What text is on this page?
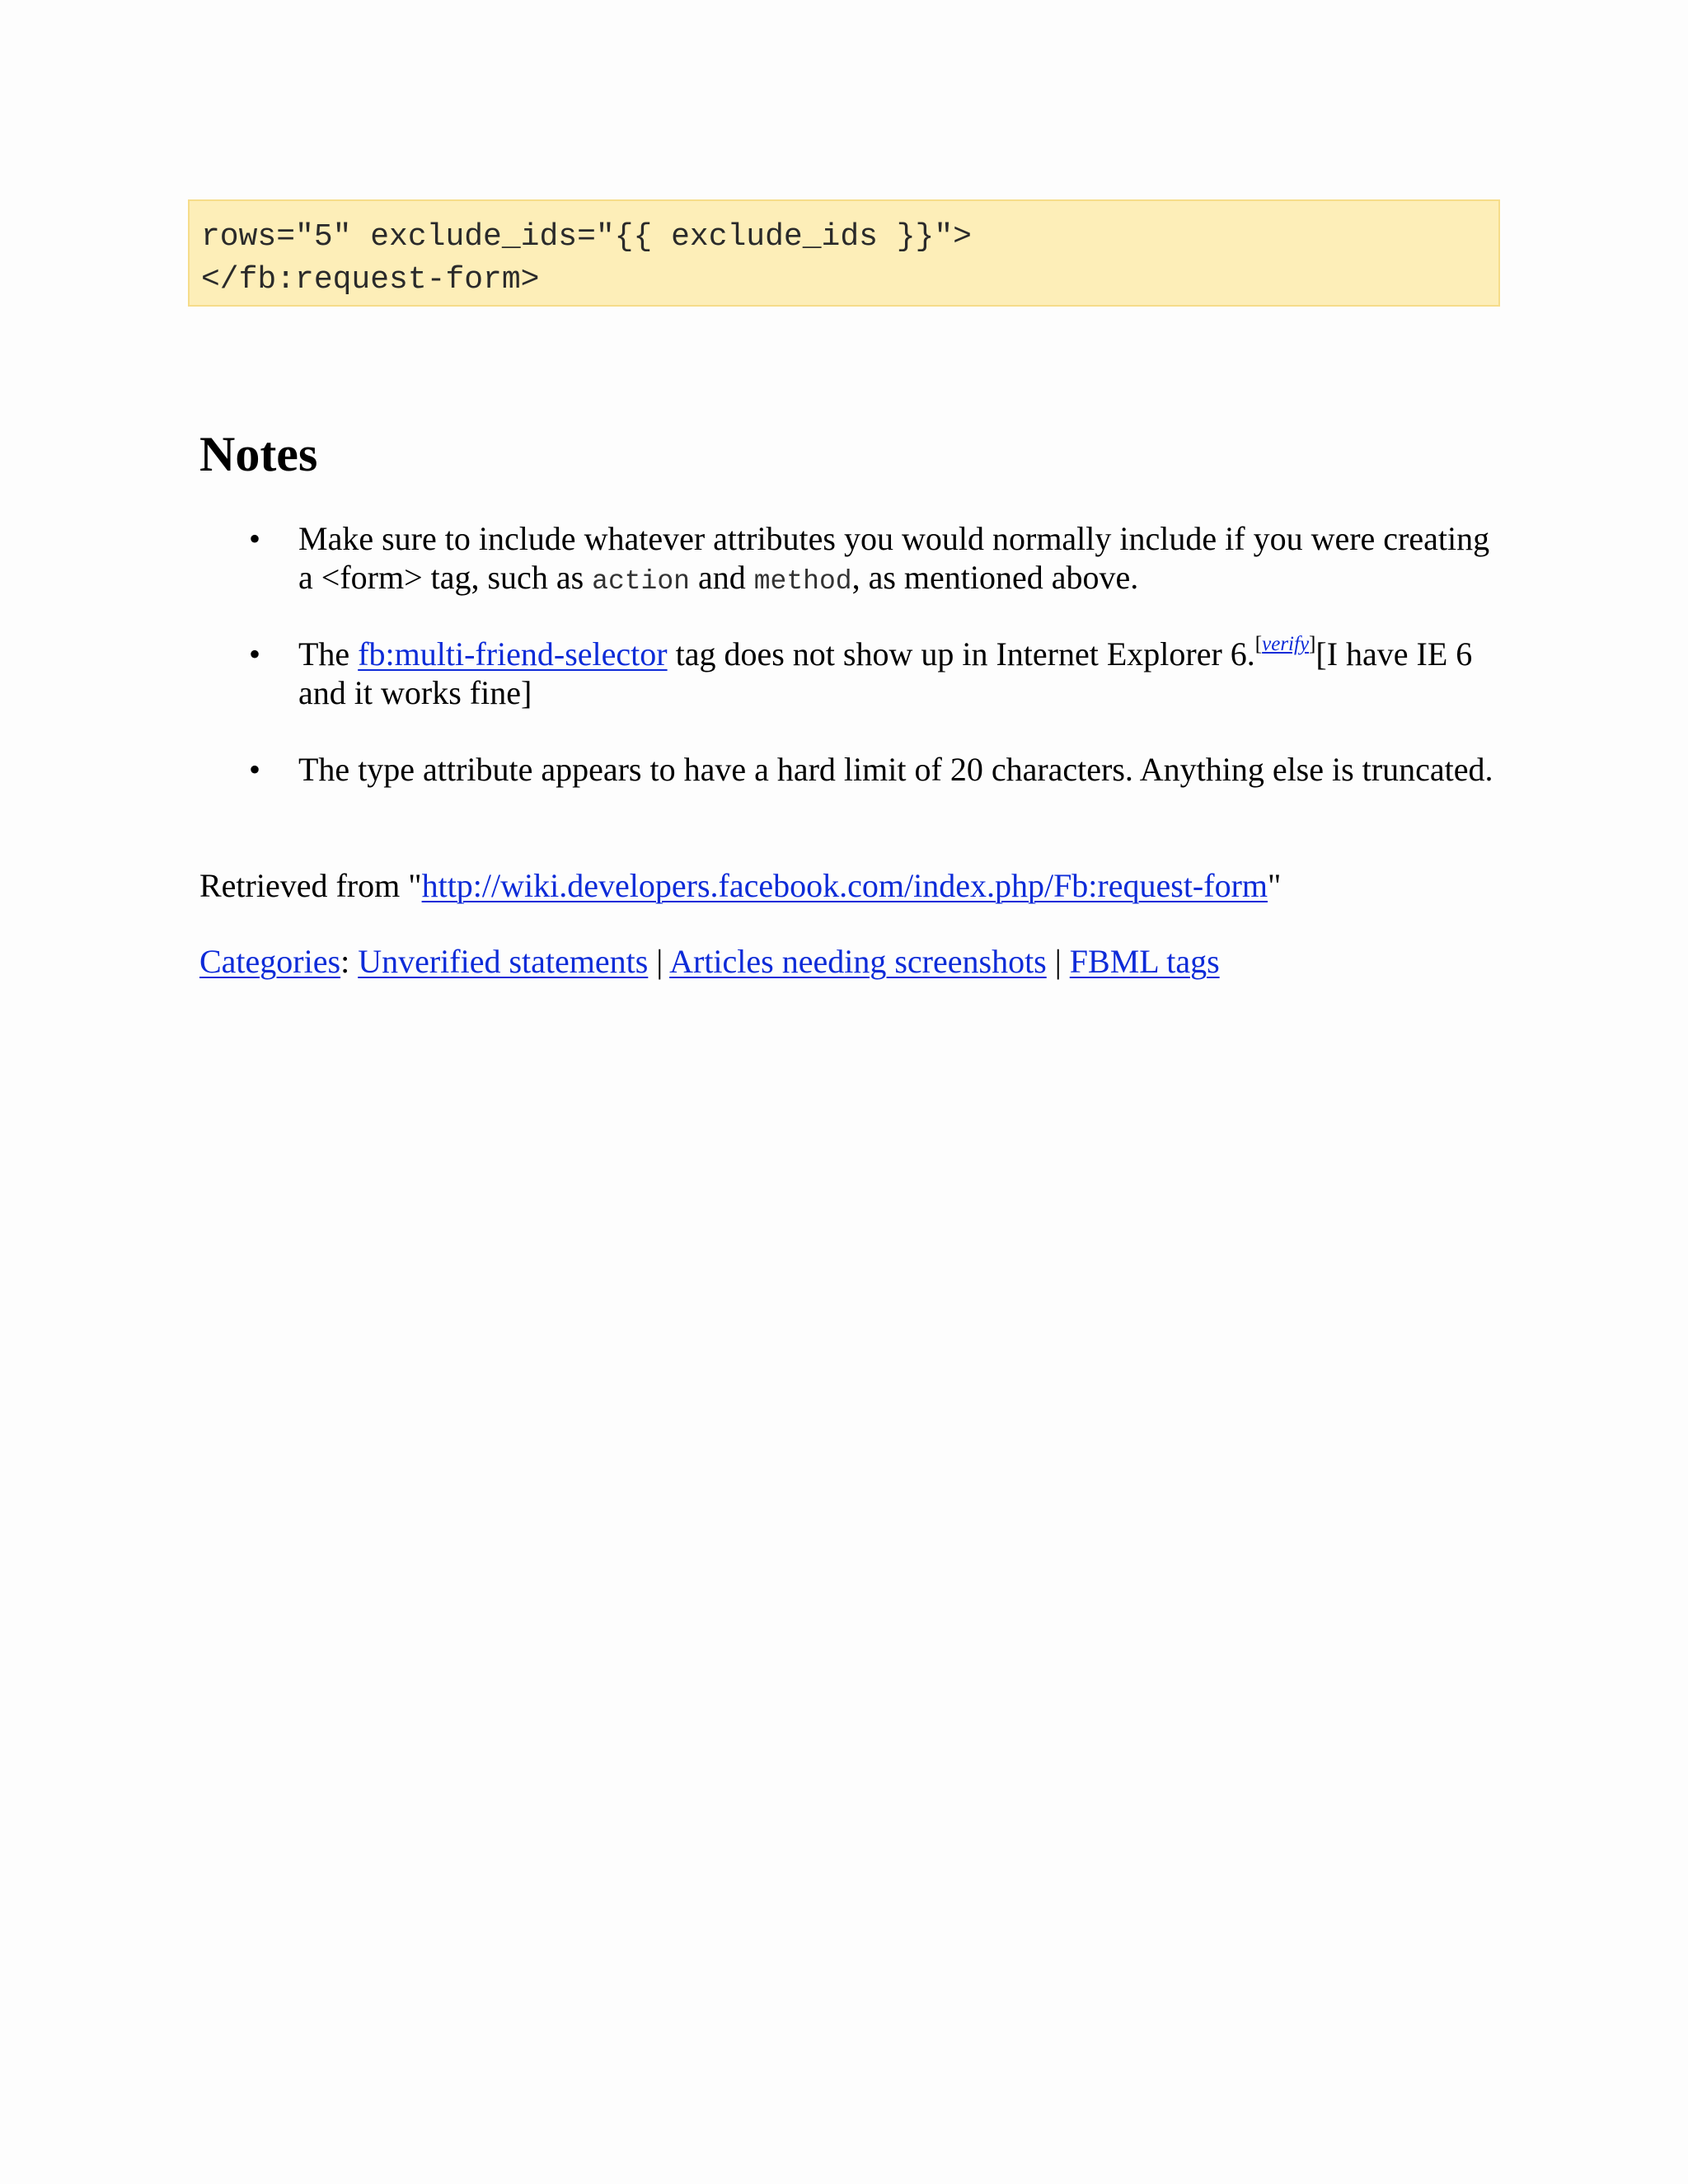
rows="5" exclude_ids="{{ exclude_ids }}">
</fb:request-form>
Notes
• Make sure to include whatever attributes you would normally include if you were creating a <form> tag, such as action and method, as mentioned above.
• The fb:multi-friend-selector tag does not show up in Internet Explorer 6.[verify][I have IE 6 and it works fine]
• The type attribute appears to have a hard limit of 20 characters. Anything else is truncated.
Retrieved from "http://wiki.developers.facebook.com/index.php/Fb:request-form"
Categories: Unverified statements | Articles needing screenshots | FBML tags
